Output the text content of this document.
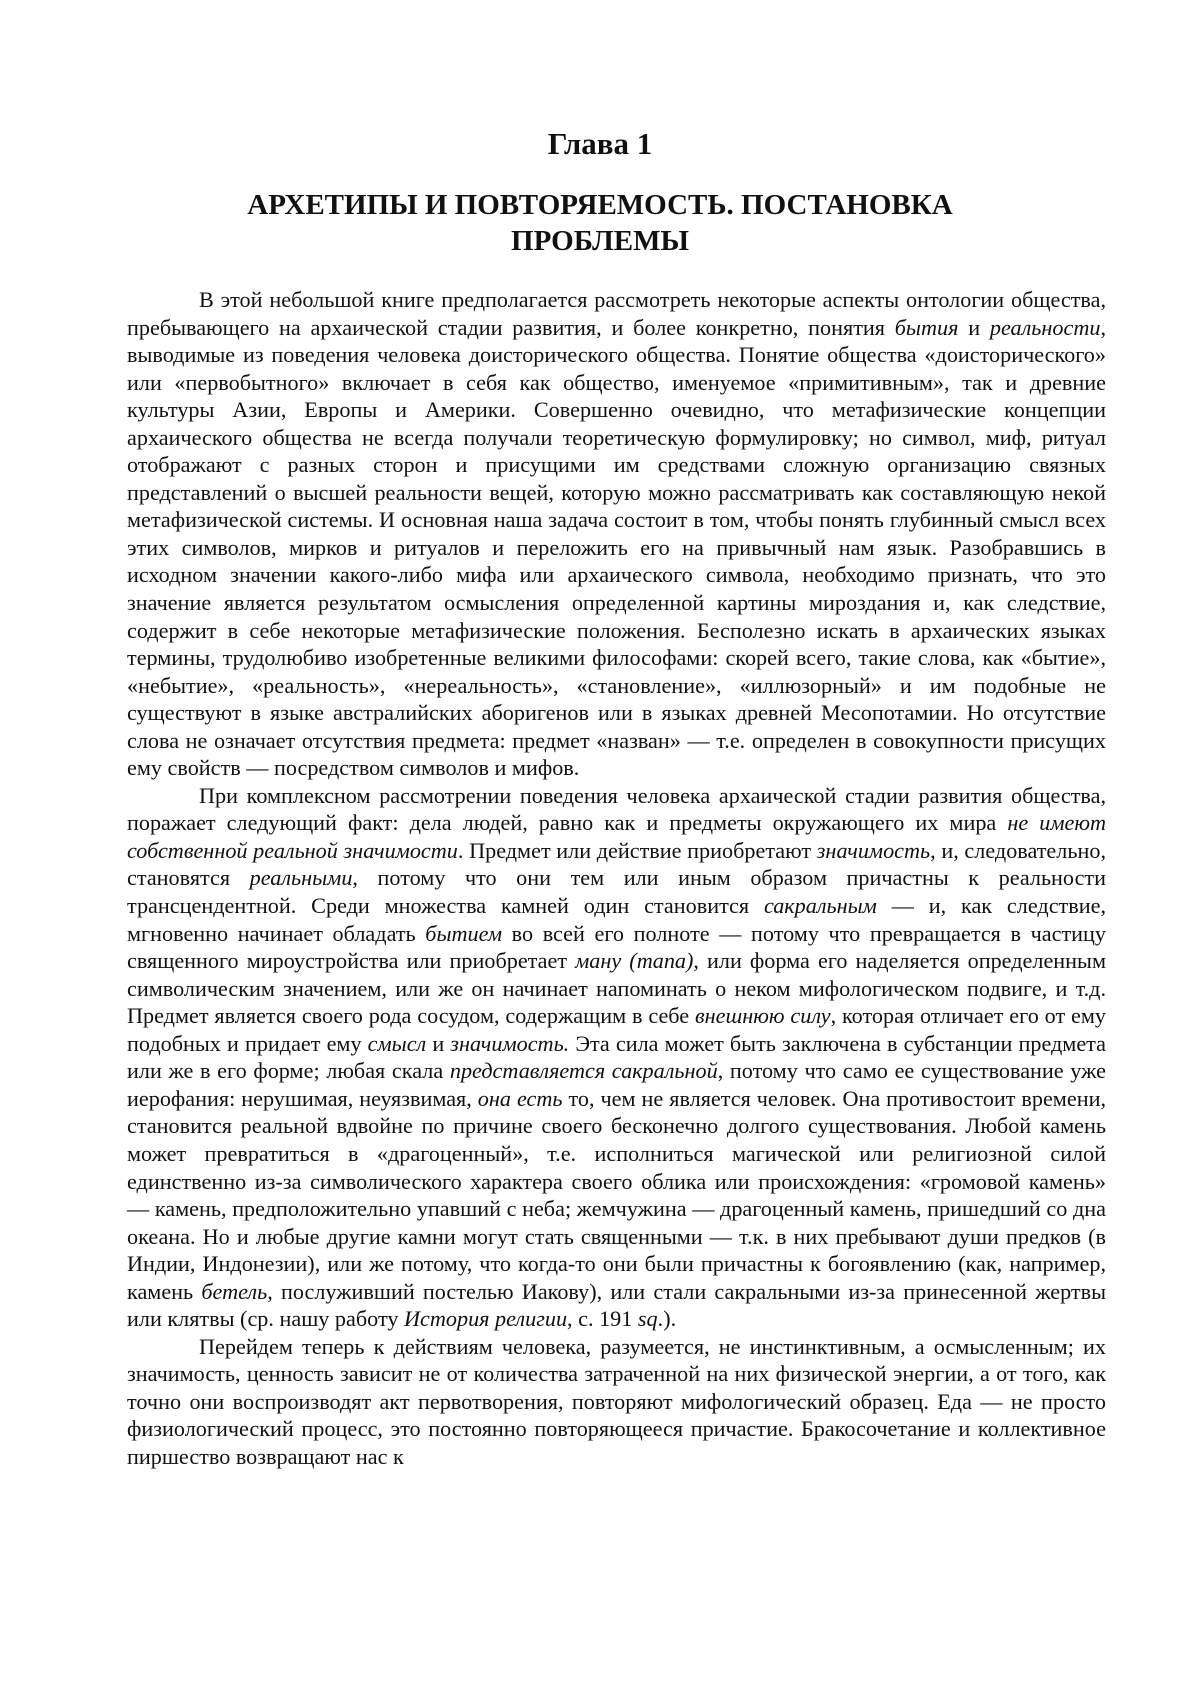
Глава 1
АРХЕТИПЫ И ПОВТОРЯЕМОСТЬ. ПОСТАНОВКА ПРОБЛЕМЫ

В этой небольшой книге предполагается рассмотреть некоторые аспекты онтологии общества, пребывающего на архаической стадии развития, и более конкретно, понятия бытия и реальности, выводимые из поведения человека доисторического общества. Понятие общества «доисторического» или «первобытного» включает в себя как общество, именуемое «примитивным», так и древние культуры Азии, Европы и Америки. Совершенно очевидно, что метафизические концепции архаического общества не всегда получали теоретическую формулировку; но символ, миф, ритуал отображают с разных сторон и присущими им средствами сложную организацию связных представлений о высшей реальности вещей, которую можно рассматривать как составляющую некой метафизической системы. И основная наша задача состоит в том, чтобы понять глубинный смысл всех этих символов, мирков и ритуалов и переложить его на привычный нам язык. Разобравшись в исходном значении какого-либо мифа или архаического символа, необходимо признать, что это значение является результатом осмысления определенной картины мироздания и, как следствие, содержит в себе некоторые метафизические положения. Бесполезно искать в архаических языках термины, трудолюбиво изобретенные великими философами: скорей всего, такие слова, как «бытие», «небытие», «реальность», «нереальность», «становление», «иллюзорный» и им подобные не существуют в языке австралийских аборигенов или в языках древней Месопотамии. Но отсутствие слова не означает отсутствия предмета: предмет «назван» — т.е. определен в совокупности присущих ему свойств — посредством символов и мифов.

При комплексном рассмотрении поведения человека архаической стадии развития общества, поражает следующий факт: дела людей, равно как и предметы окружающего их мира не имеют собственной реальной значимости. Предмет или действие приобретают значимость, и, следовательно, становятся реальными, потому что они тем или иным образом причастны к реальности трансцендентной. Среди множества камней один становится сакральным — и, как следствие, мгновенно начинает обладать бытием во всей его полноте — потому что превращается в частицу священного мироустройства или приобретает ману (mana), или форма его наделяется определенным символическим значением, или же он начинает напоминать о неком мифологическом подвиге, и т.д. Предмет является своего рода сосудом, содержащим в себе внешнюю силу, которая отличает его от ему подобных и придает ему смысл и значимость. Эта сила может быть заключена в субстанции предмета или же в его форме; любая скала представляется сакральной, потому что само ее существование уже иерофания: нерушимая, неуязвимая, она есть то, чем не является человек. Она противостоит времени, становится реальной вдвойне по причине своего бесконечно долгого существования. Любой камень может превратиться в «драгоценный», т.е. исполниться магической или религиозной силой единственно из-за символического характера своего облика или происхождения: «громовой камень» — камень, предположительно упавший с неба; жемчужина — драгоценный камень, пришедший со дна океана. Но и любые другие камни могут стать священными — т.к. в них пребывают души предков (в Индии, Индонезии), или же потому, что когда-то они были причастны к богоявлению (как, например, камень бетель, послуживший постелью Иакову), или стали сакральными из-за принесенной жертвы или клятвы (ср. нашу работу История религии, с. 191 sq.).

Перейдем теперь к действиям человека, разумеется, не инстинктивным, а осмысленным; их значимость, ценность зависит не от количества затраченной на них физической энергии, а от того, как точно они воспроизводят акт первотворения, повторяют мифологический образец. Еда — не просто физиологический процесс, это постоянно повторяющееся причастие. Бракосочетание и коллективное пиршество возвращают нас к
